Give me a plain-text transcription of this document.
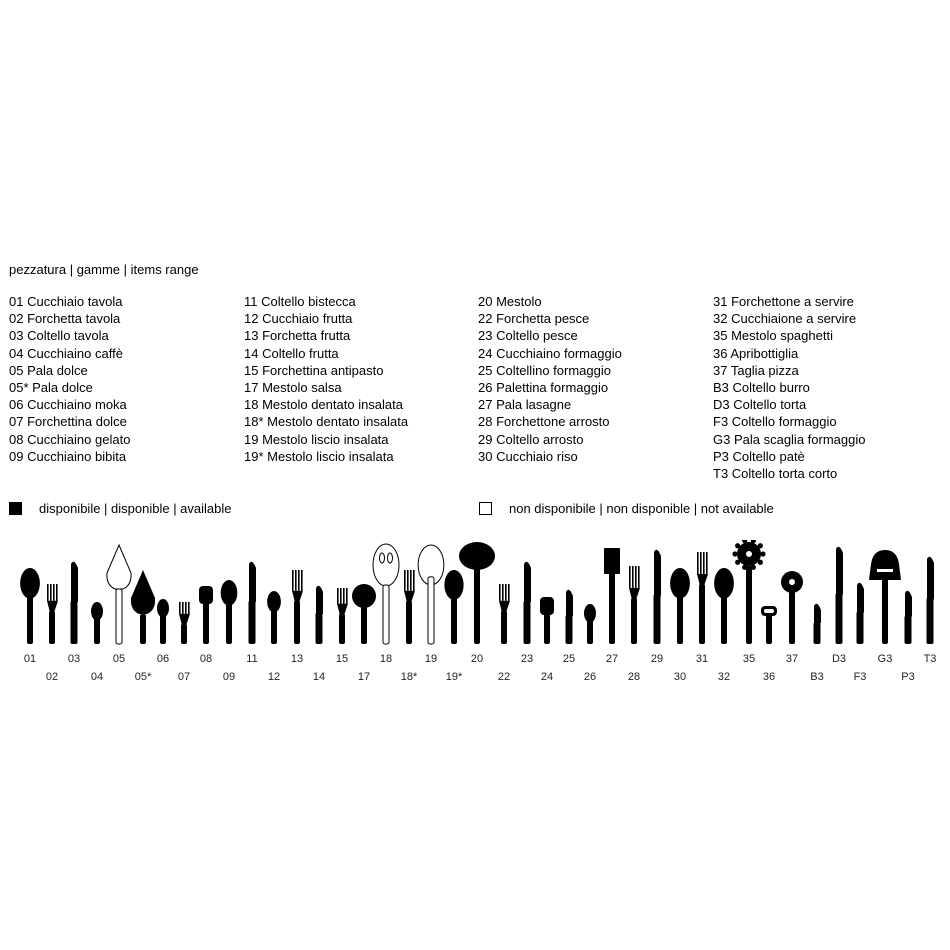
pezzatura | gamme | items range
01 Cucchiaio tavola
02 Forchetta tavola
03 Coltello tavola
04 Cucchiaino caffè
05 Pala dolce
05* Pala dolce
06 Cucchiaino moka
07 Forchettina dolce
08 Cucchiaino gelato
09 Cucchiaino bibita
11 Coltello bistecca
12 Cucchiaio frutta
13 Forchetta frutta
14 Coltello frutta
15 Forchettina antipasto
17 Mestolo salsa
18 Mestolo dentato insalata
18* Mestolo dentato insalata
19 Mestolo liscio insalata
19* Mestolo liscio insalata
20 Mestolo
22 Forchetta pesce
23 Coltello pesce
24 Cucchiaino formaggio
25 Coltellino formaggio
26 Palettina formaggio
27 Pala lasagne
28 Forchettone arrosto
29 Coltello arrosto
30 Cucchiaio riso
31 Forchettone a servire
32 Cucchiaione a servire
35 Mestolo spaghetti
36 Apribottiglia
37 Taglia pizza
B3 Coltello burro
D3 Coltello torta
F3 Coltello formaggio
G3 Pala scaglia formaggio
P3 Coltello patè
T3 Coltello torta corto
disponibile | disponible | available	non disponibile | non disponible | not available
01
02
03
04
05
05*
06
07
08
09
11
12
13
14
15
17
18
18*
19
19*
20
22
23
24
25
26
27
28
29
30
31
32
35
36
37
B3
D3
F3
G3
P3
T3
